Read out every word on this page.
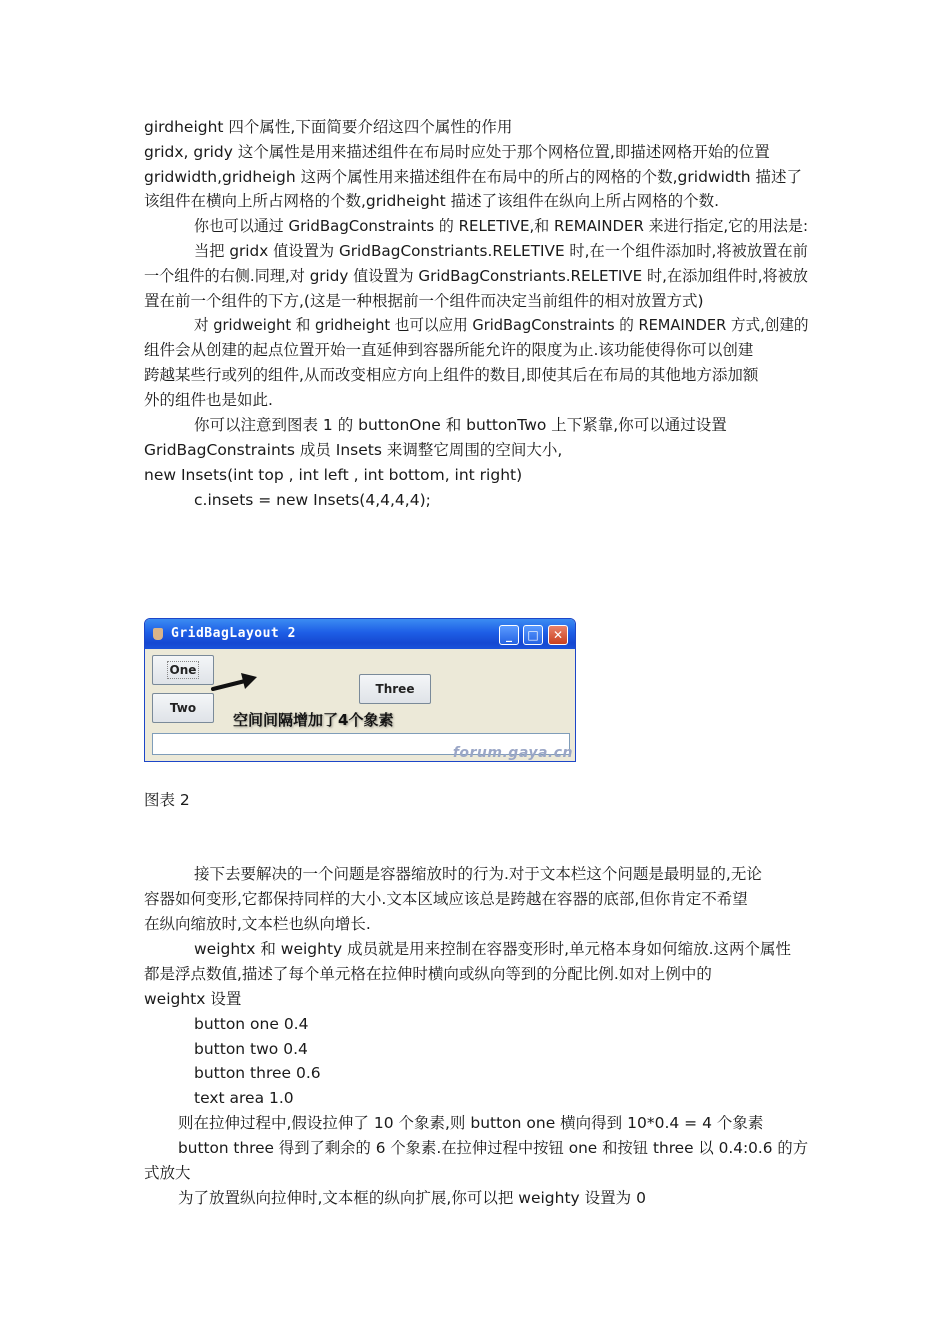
girdheight 四个属性,下面简要介绍这四个属性的作用
gridx, gridy 这个属性是用来描述组件在布局时应处于那个网格位置,即描述网格开始的位置
gridwidth,gridheigh 这两个属性用来描述组件在布局中的所占的网格的个数,gridwidth 描述了
该组件在横向上所占网格的个数,gridheight 描述了该组件在纵向上所占网格的个数.
你也可以通过 GridBagConstraints 的 RELETIVE,和 REMAINDER 来进行指定,它的用法是:
当把 gridx 值设置为 GridBagConstriants.RELETIVE 时,在一个组件添加时,将被放置在前
一个组件的右侧.同理,对 gridy 值设置为 GridBagConstriants.RELETIVE 时,在添加组件时,将被放
置在前一个组件的下方,(这是一种根据前一个组件而决定当前组件的相对放置方式)
对 gridweight 和 gridheight 也可以应用 GridBagConstraints 的 REMAINDER 方式,创建的
组件会从创建的起点位置开始一直延伸到容器所能允许的限度为止.该功能使得你可以创建
跨越某些行或列的组件,从而改变相应方向上组件的数目,即使其后在布局的其他地方添加额
外的组件也是如此.
你可以注意到图表 1 的 buttonOne 和 buttonTwo 上下紧靠,你可以通过设置
GridBagConstraints 成员 Insets 来调整它周围的空间大小,
new Insets(int top , int left , int bottom, int right)
c.insets = new Insets(4,4,4,4);
GridBagLayout 2	_	□	✕
One
Two
Three
空间间隔增加了4个象素
forum.gaya.cn
图表 2
接下去要解决的一个问题是容器缩放时的行为.对于文本栏这个问题是最明显的,无论
容器如何变形,它都保持同样的大小.文本区域应该总是跨越在容器的底部,但你肯定不希望
在纵向缩放时,文本栏也纵向增长.
weightx 和 weighty 成员就是用来控制在容器变形时,单元格本身如何缩放.这两个属性
都是浮点数值,描述了每个单元格在拉伸时横向或纵向等到的分配比例.如对上例中的
weightx 设置
button one 0.4
button two 0.4
button three 0.6
text area 1.0
则在拉伸过程中,假设拉伸了 10 个象素,则 button one 横向得到 10*0.4 = 4 个象素
button three 得到了剩余的 6 个象素.在拉伸过程中按钮 one 和按钮 three 以 0.4:0.6 的方
式放大
为了放置纵向拉伸时,文本框的纵向扩展,你可以把 weighty 设置为 0
